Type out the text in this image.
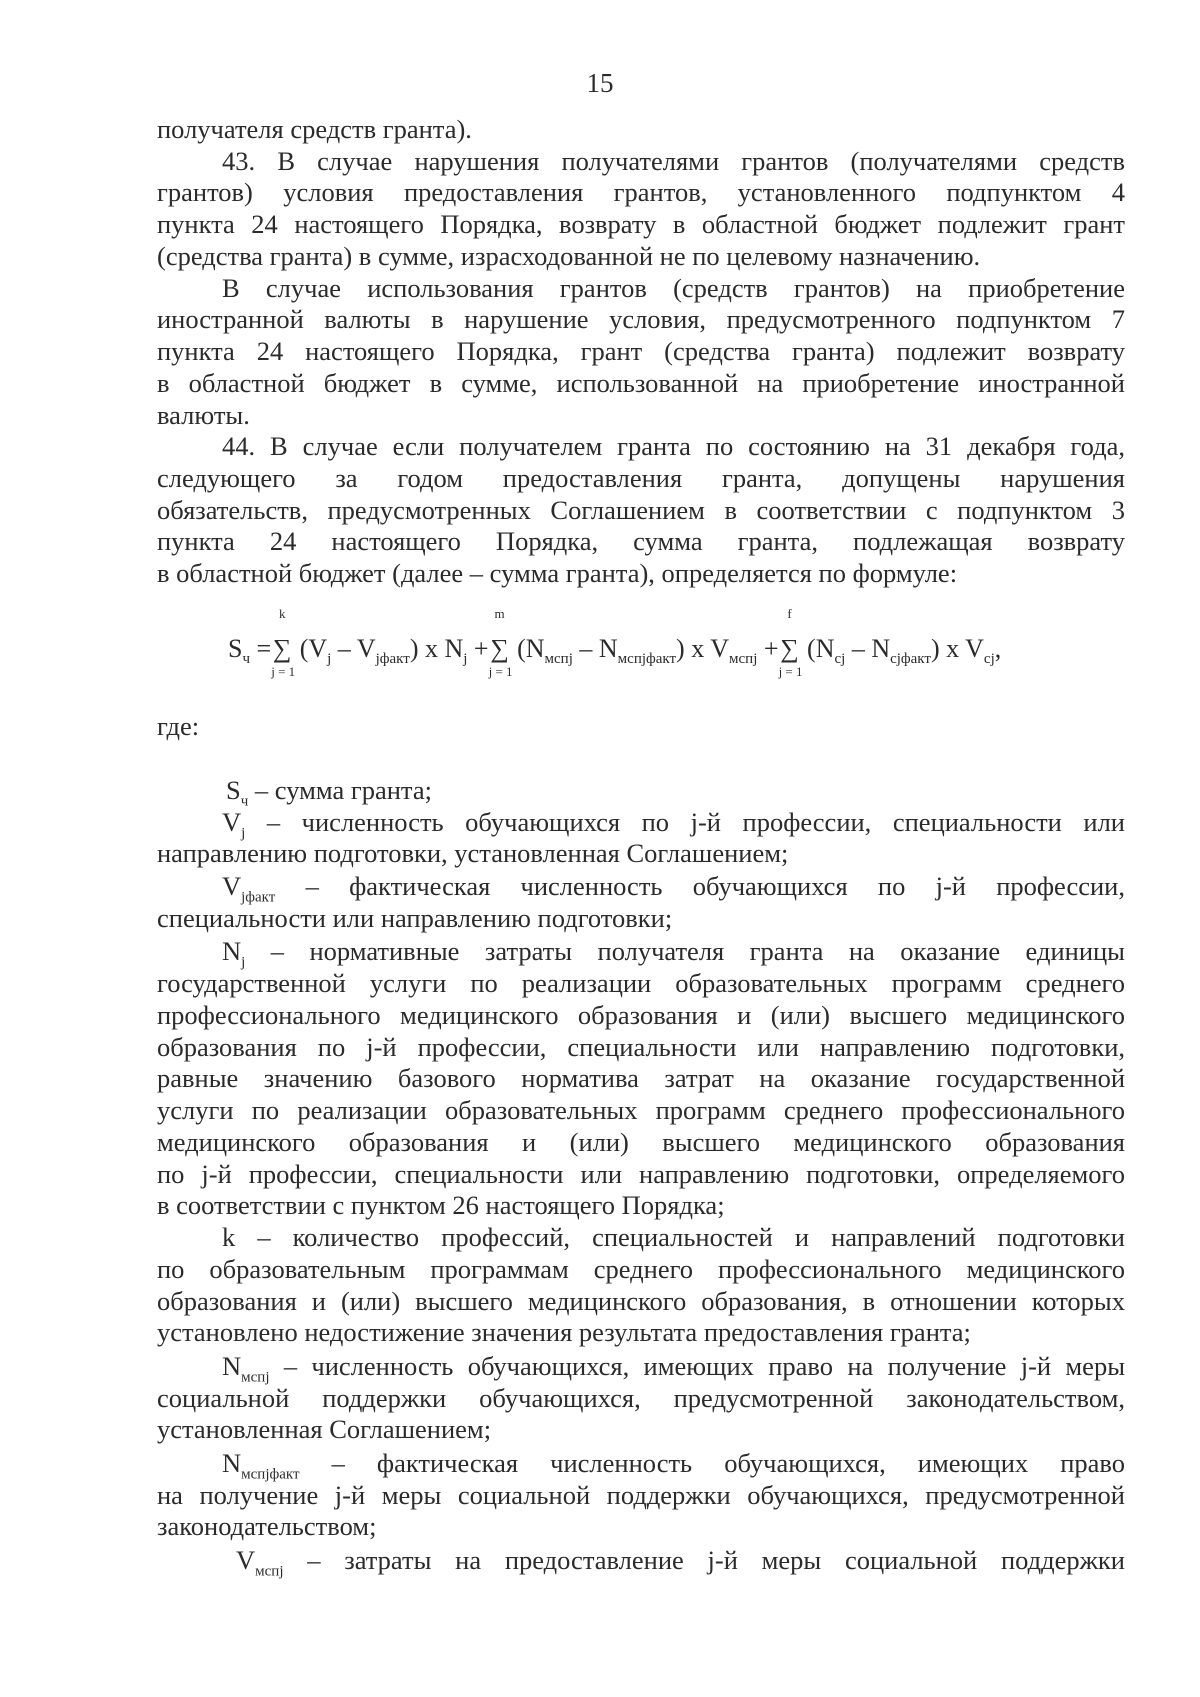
15
получателя средств гранта).
43. В случае нарушения получателями грантов (получателями средств
грантов) условия предоставления грантов, установленного подпунктом 4
пункта 24 настоящего Порядка, возврату в областной бюджет подлежит грант
(средства гранта) в сумме, израсходованной не по целевому назначению.
В случае использования грантов (средств грантов) на приобретение
иностранной валюты в нарушение условия, предусмотренного подпунктом 7
пункта 24 настоящего Порядка, грант (средства гранта) подлежит возврату
в областной бюджет в сумме, использованной на приобретение иностранной
валюты.
44. В случае если получателем гранта по состоянию на 31 декабря года,
следующего за годом предоставления гранта, допущены нарушения
обязательств, предусмотренных Соглашением в соответствии с подпунктом 3
пункта 24 настоящего Порядка, сумма гранта, подлежащая возврату
в областной бюджет (далее – сумма гранта), определяется по формуле:
$S_ч$ =∑
k
j = 1
$(V_j - V_{jфакт})$ x $N_j$ +∑
m
j = 1
$(N_{мспj} - N_{мспjфакт})$ x $V_{мспj}$ +∑
f
j = 1
$(N_{cj} - N_{cjфакт})$ x $V_{cj}$,
где:
$S_ч$ – сумма гранта;
$V_j$ – численность обучающихся по j-й профессии, специальности или
направлению подготовки, установленная Соглашением;
$V_{jфакт}$ – фактическая численность обучающихся по j-й профессии,
специальности или направлению подготовки;
$N_j$ – нормативные затраты получателя гранта на оказание единицы
государственной услуги по реализации образовательных программ среднего
профессионального медицинского образования и (или) высшего медицинского
образования по j-й профессии, специальности или направлению подготовки,
равные значению базового норматива затрат на оказание государственной
услуги по реализации образовательных программ среднего профессионального
медицинского образования и (или) высшего медицинского образования
по j-й профессии, специальности или направлению подготовки, определяемого
в соответствии с пунктом 26 настоящего Порядка;
k – количество профессий, специальностей и направлений подготовки
по образовательным программам среднего профессионального медицинского
образования и (или) высшего медицинского образования, в отношении которых
установлено недостижение значения результата предоставления гранта;
$N_{мспj}$ – численность обучающихся, имеющих право на получение j-й меры
социальной поддержки обучающихся, предусмотренной законодательством,
установленная Соглашением;
$N_{мспjфакт}$ – фактическая численность обучающихся, имеющих право
на получение j-й меры социальной поддержки обучающихся, предусмотренной
законодательством;
$V_{мспj}$ – затраты на предоставление j-й меры социальной поддержки
